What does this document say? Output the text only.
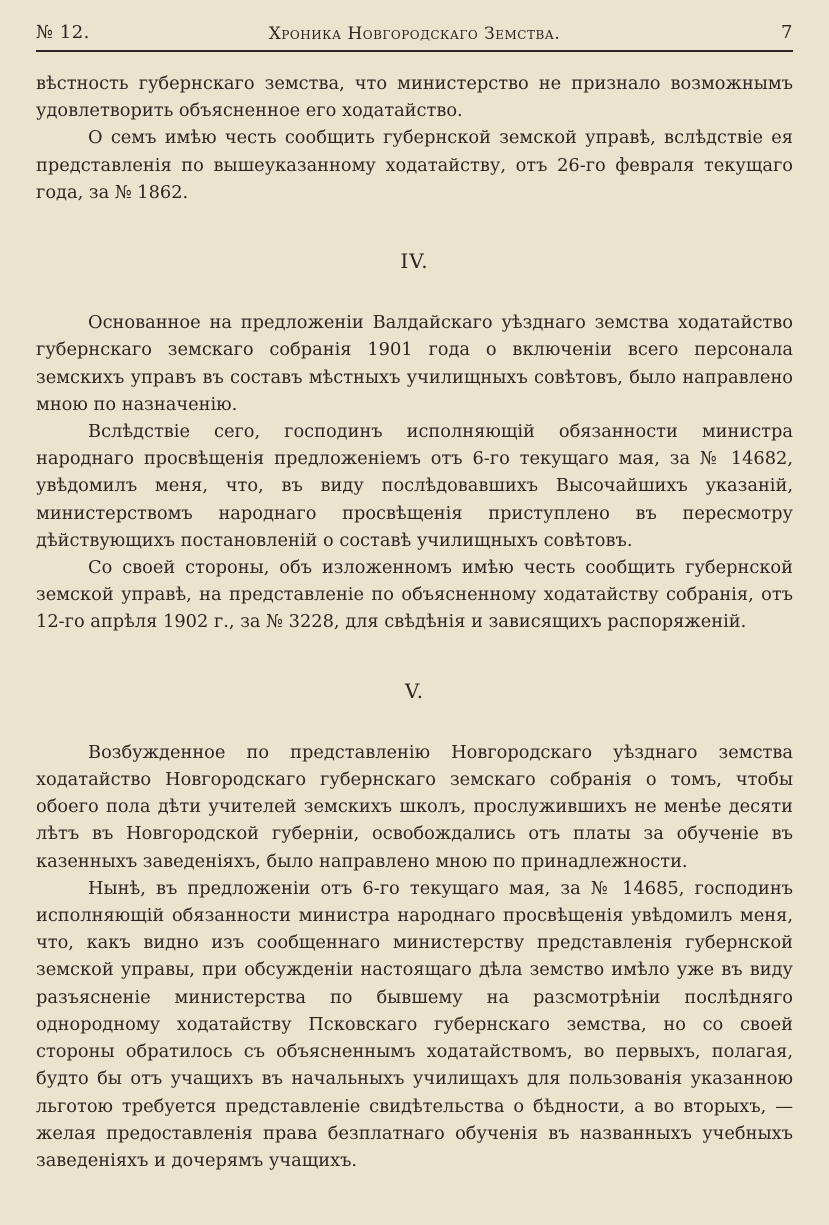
№ 12.	Хроника Новгородскаго Земства.	7

вѣстность губернскаго земства, что министерство не признало возможнымъ удовлетворить объясненное его ходатайство.

О семъ имѣю честь сообщить губернской земской управѣ, вслѣдствіе ея представленія по вышеуказанному ходатайству, отъ 26-го февраля текущаго года, за № 1862.

IV.

Основанное на предложеніи Валдайскаго уѣзднаго земства ходатайство губернскаго земскаго собранія 1901 года о включеніи всего персонала земскихъ управъ въ составъ мѣстныхъ училищныхъ совѣтовъ, было направлено мною по назначенію.

Вслѣдствіе сего, господинъ исполняющій обязанности министра народнаго просвѣщенія предложеніемъ отъ 6-го текущаго мая, за № 14682, увѣдомилъ меня, что, въ виду послѣдовавшихъ Высочайшихъ указаній, министерствомъ народнаго просвѣщенія приступлено въ пересмотру дѣйствующихъ постановленій о составѣ училищныхъ совѣтовъ.

Со своей стороны, объ изложенномъ имѣю честь сообщить губернской земской управѣ, на представленіе по объясненному ходатайству собранія, отъ 12-го апрѣля 1902 г., за № 3228, для свѣдѣнія и зависящихъ распоряженій.

V.

Возбужденное по представленію Новгородскаго уѣзднаго земства ходатайство Новгородскаго губернскаго земскаго собранія о томъ, чтобы обоего пола дѣти учителей земскихъ школъ, прослужившихъ не менѣе десяти лѣтъ въ Новгородской губерніи, освобождались отъ платы за обученіе въ казенныхъ заведеніяхъ, было направлено мною по принадлежности.

Нынѣ, въ предложеніи отъ 6-го текущаго мая, за № 14685, господинъ исполняющій обязанности министра народнаго просвѣщенія увѣдомилъ меня, что, какъ видно изъ сообщеннаго министерству представленія губернской земской управы, при обсужденіи настоящаго дѣла земство имѣло уже въ виду разъясненіе министерства по бывшему на разсмотрѣніи послѣдняго однородному ходатайству Псковскаго губернскаго земства, но со своей стороны обратилось съ объясненнымъ ходатайствомъ, во первыхъ, полагая, будто бы отъ учащихъ въ начальныхъ училищахъ для пользованія указанною льготою требуется представленіе свидѣтельства о бѣдности, а во вторыхъ, — желая предоставленія права безплатнаго обученія въ названныхъ учебныхъ заведеніяхъ и дочерямъ учащихъ.
